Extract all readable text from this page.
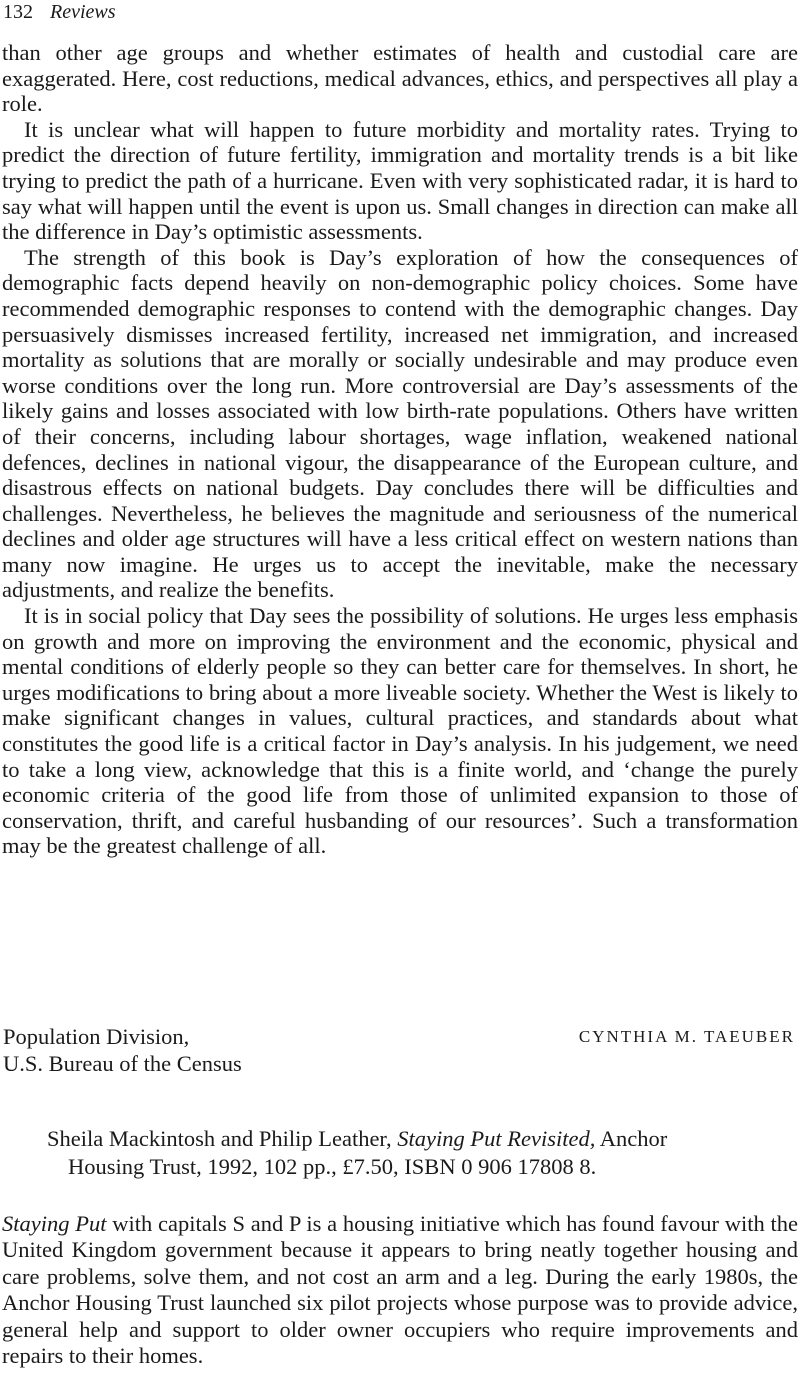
132 Reviews

than other age groups and whether estimates of health and custodial care are exaggerated. Here, cost reductions, medical advances, ethics, and perspectives all play a role.

It is unclear what will happen to future morbidity and mortality rates. Trying to predict the direction of future fertility, immigration and mortality trends is a bit like trying to predict the path of a hurricane. Even with very sophisticated radar, it is hard to say what will happen until the event is upon us. Small changes in direction can make all the difference in Day’s optimistic assessments.

The strength of this book is Day’s exploration of how the consequences of demographic facts depend heavily on non-demographic policy choices. Some have recommended demographic responses to contend with the demographic changes. Day persuasively dismisses increased fertility, increased net immigration, and increased mortality as solutions that are morally or socially undesirable and may produce even worse conditions over the long run. More controversial are Day’s assessments of the likely gains and losses associated with low birth-rate populations. Others have written of their concerns, including labour shortages, wage inflation, weakened national defences, declines in national vigour, the disappearance of the European culture, and disastrous effects on national budgets. Day concludes there will be difficulties and challenges. Nevertheless, he believes the magnitude and seriousness of the numerical declines and older age structures will have a less critical effect on western nations than many now imagine. He urges us to accept the inevitable, make the necessary adjustments, and realize the benefits.

It is in social policy that Day sees the possibility of solutions. He urges less emphasis on growth and more on improving the environment and the economic, physical and mental conditions of elderly people so they can better care for themselves. In short, he urges modifications to bring about a more liveable society. Whether the West is likely to make significant changes in values, cultural practices, and standards about what constitutes the good life is a critical factor in Day’s analysis. In his judgement, we need to take a long view, acknowledge that this is a finite world, and ‘change the purely economic criteria of the good life from those of unlimited expansion to those of conservation, thrift, and careful husbanding of our resources’. Such a transformation may be the greatest challenge of all.

Population Division,
U.S. Bureau of the Census
CYNTHIA M. TAEUBER
Sheila Mackintosh and Philip Leather, Staying Put Revisited, Anchor
Housing Trust, 1992, 102 pp., £7.50, ISBN 0 906 17808 8.

Staying Put with capitals S and P is a housing initiative which has found favour with the United Kingdom government because it appears to bring neatly together housing and care problems, solve them, and not cost an arm and a leg. During the early 1980s, the Anchor Housing Trust launched six pilot projects whose purpose was to provide advice, general help and support to older owner occupiers who require improvements and repairs to their homes.
